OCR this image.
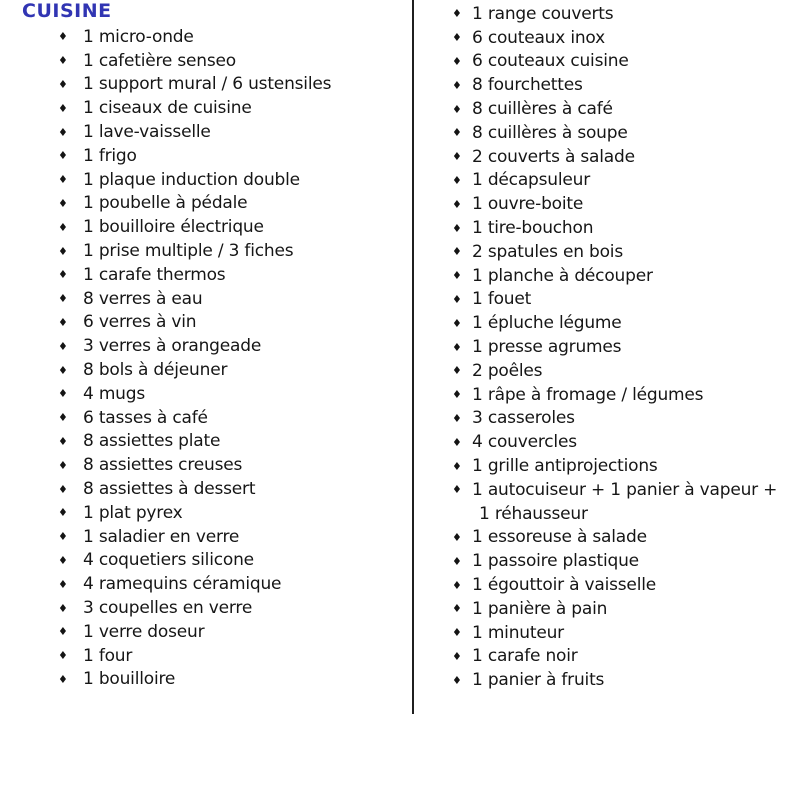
CUISINE
♦ 1 micro-onde
♦ 1 cafetière senseo
♦ 1 support mural / 6 ustensiles
♦ 1 ciseaux de cuisine
♦ 1 lave-vaisselle
♦ 1 frigo
♦ 1 plaque induction double
♦ 1 poubelle à pédale
♦ 1 bouilloire électrique
♦ 1 prise multiple / 3 fiches
♦ 1 carafe thermos
♦ 8 verres à eau
♦ 6 verres à vin
♦ 3 verres à orangeade
♦ 8 bols à déjeuner
♦ 4 mugs
♦ 6 tasses à café
♦ 8 assiettes plate
♦ 8 assiettes creuses
♦ 8 assiettes à dessert
♦ 1 plat pyrex
♦ 1 saladier en verre
♦ 4 coquetiers silicone
♦ 4 ramequins céramique
♦ 3 coupelles en verre
♦ 1 verre doseur
♦ 1 four
♦ 1 bouilloire
♦ 1 range couverts
♦ 6 couteaux inox
♦ 6 couteaux cuisine
♦ 8 fourchettes
♦ 8 cuillères à café
♦ 8 cuillères à soupe
♦ 2 couverts à salade
♦ 1 décapsuleur
♦ 1 ouvre-boite
♦ 1 tire-bouchon
♦ 2 spatules en bois
♦ 1 planche à découper
♦ 1 fouet
♦ 1 épluche légume
♦ 1 presse agrumes
♦ 2 poêles
♦ 1 râpe à fromage / légumes
♦ 3 casseroles
♦ 4 couvercles
♦ 1 grille antiprojections
♦ 1 autocuiseur + 1 panier à vapeur +
1 réhausseur
♦ 1 essoreuse à salade
♦ 1 passoire plastique
♦ 1 égouttoir à vaisselle
♦ 1 panière à pain
♦ 1 minuteur
♦ 1 carafe noir
♦ 1 panier à fruits
